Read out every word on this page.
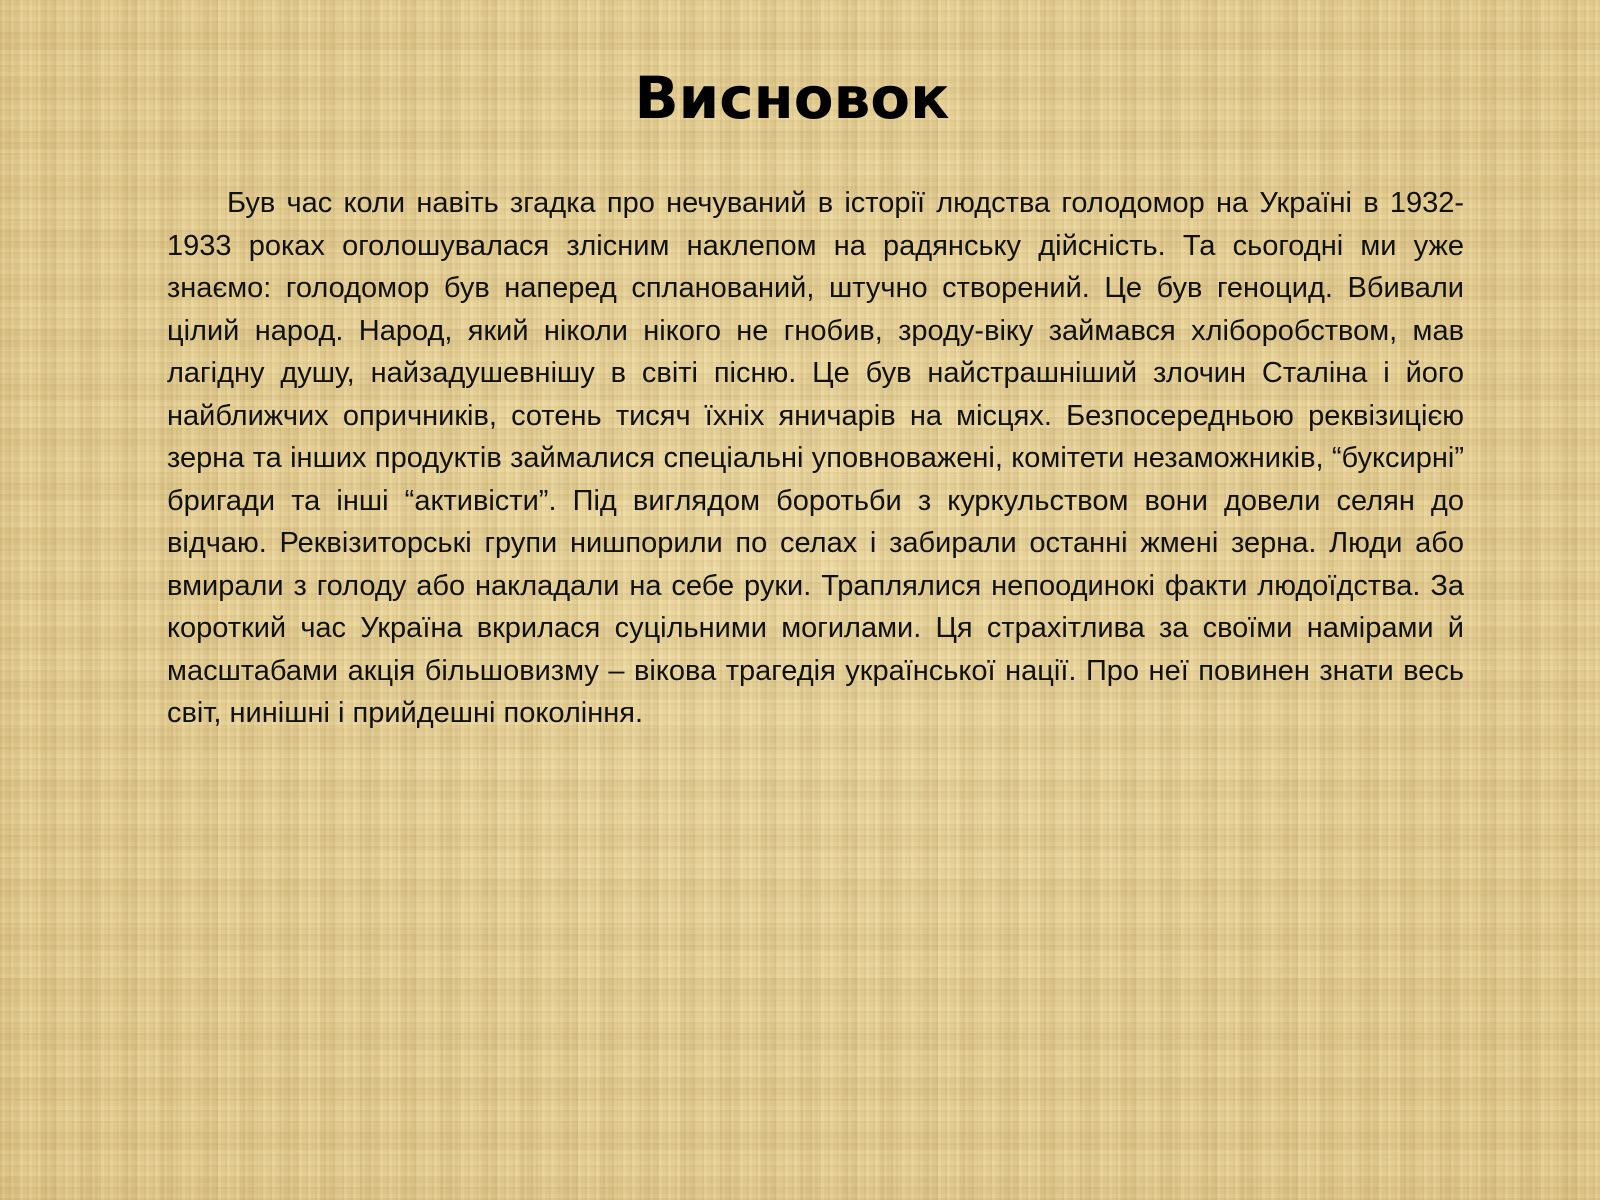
Висновок

Був час коли навіть згадка про нечуваний в історії людства голодомор на Україні в 1932-1933 роках оголошувалася злісним наклепом на радянську дійсність. Та сьогодні ми уже знаємо: голодомор був наперед спланований, штучно створений. Це був геноцид. Вбивали цілий народ. Народ, який ніколи нікого не гнобив, зроду-віку займався хліборобством, мав лагідну душу, найзадушевнішу в світі пісню. Це був найстрашніший злочин Сталіна і його найближчих опричників, сотень тисяч їхніх яничарів на місцях. Безпосередньою реквізицією зерна та інших продуктів займалися спеціальні уповноважені, комітети незаможників, “буксирні” бригади та інші “активісти”. Під виглядом боротьби з куркульством вони довели селян до відчаю. Реквізиторські групи нишпорили по селах і забирали останні жмені зерна. Люди або вмирали з голоду або накладали на себе руки. Траплялися непоодинокі факти людоїдства. За короткий час Україна вкрилася суцільними могилами. Ця страхітлива за своїми намірами й масштабами акція більшовизму – вікова трагедія української нації. Про неї повинен знати весь світ, нинішні і прийдешні покоління.
